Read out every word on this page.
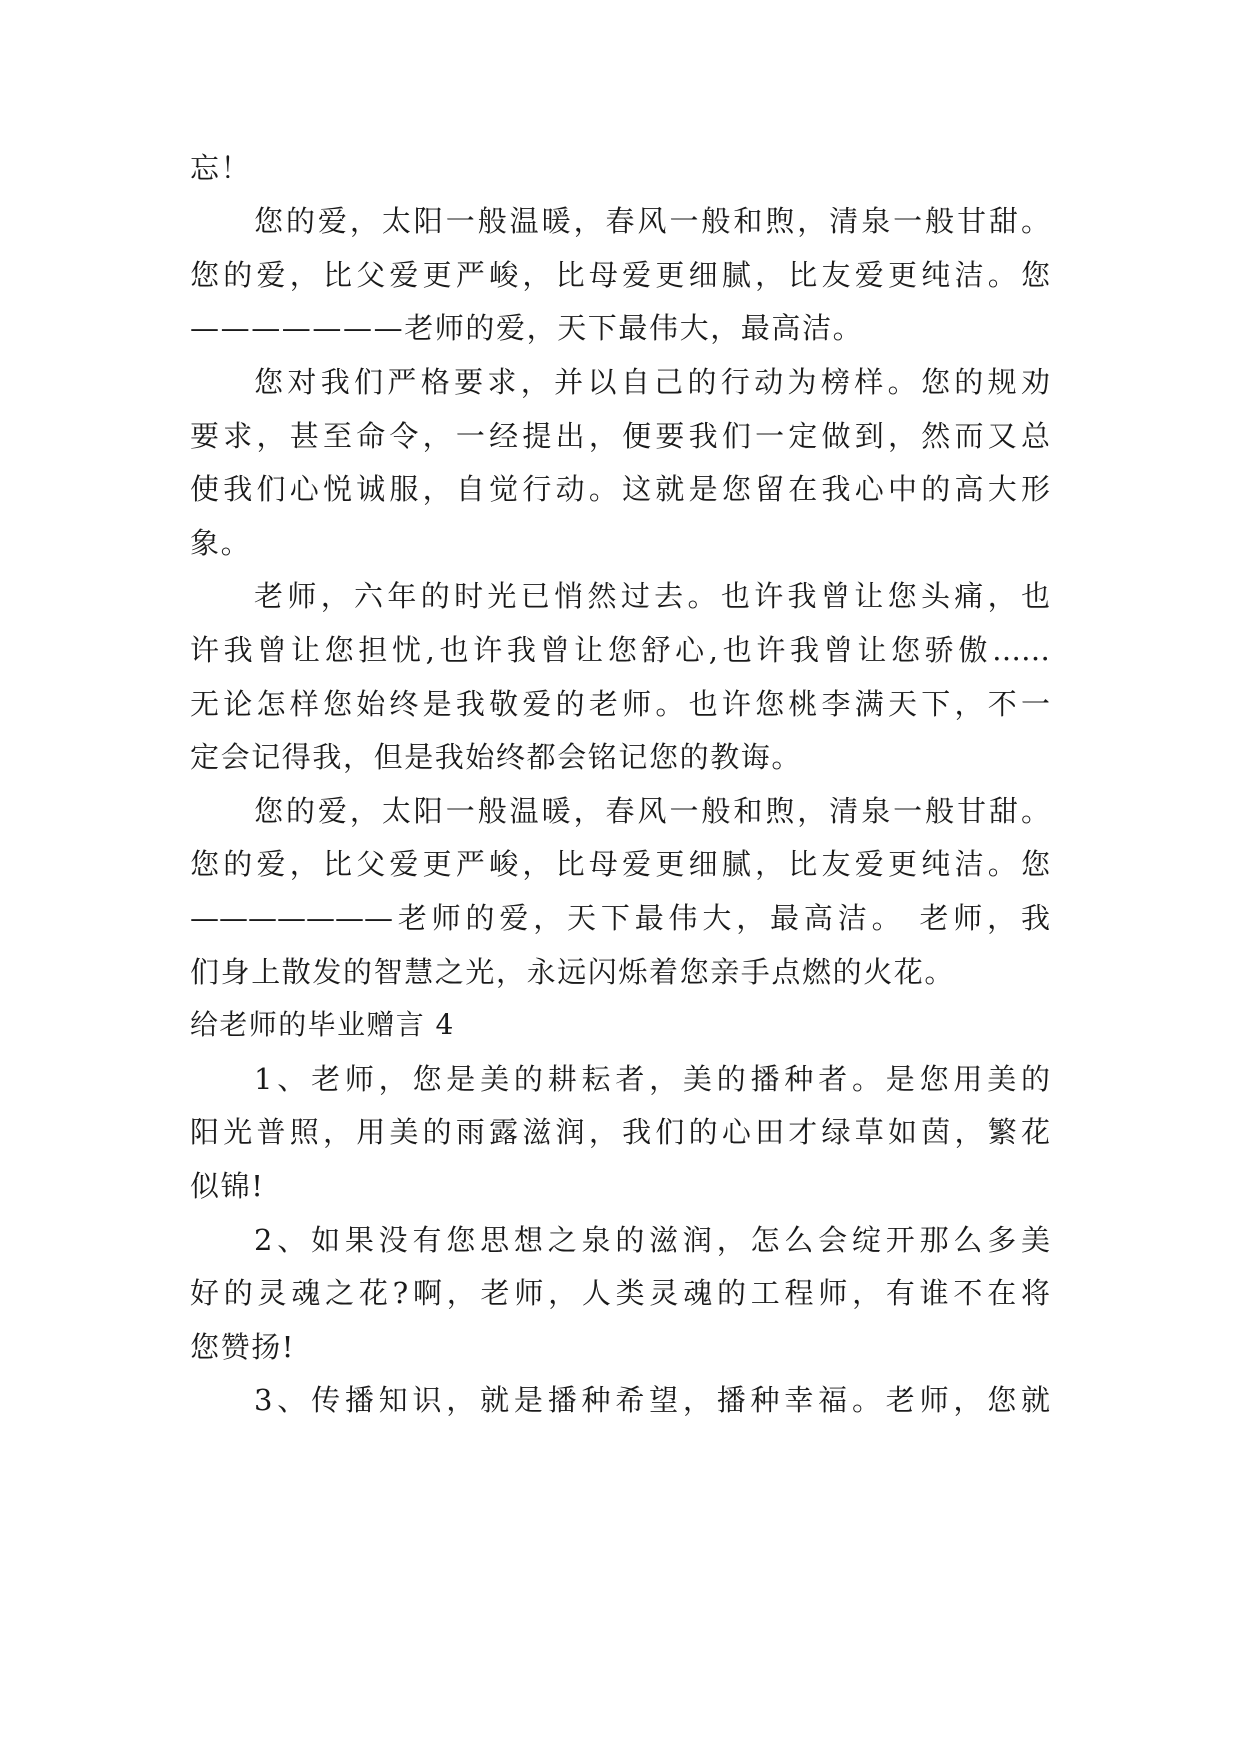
忘！
您的爱，太阳一般温暖，春风一般和煦，清泉一般甘甜。
您的爱，比父爱更严峻，比母爱更细腻，比友爱更纯洁。您
———————老师的爱，天下最伟大，最高洁。
您对我们严格要求，并以自己的行动为榜样。您的规劝
要求，甚至命令，一经提出，便要我们一定做到，然而又总
使我们心悦诚服，自觉行动。这就是您留在我心中的高大形
象。
老师，六年的时光已悄然过去。也许我曾让您头痛，也
许我曾让您担忧,也许我曾让您舒心,也许我曾让您骄傲……
无论怎样您始终是我敬爱的老师。也许您桃李满天下，不一
定会记得我，但是我始终都会铭记您的教诲。
您的爱，太阳一般温暖，春风一般和煦，清泉一般甘甜。
您的爱，比父爱更严峻，比母爱更细腻，比友爱更纯洁。您
———————老师的爱，天下最伟大，最高洁。 老师，我
们身上散发的智慧之光，永远闪烁着您亲手点燃的火花。
给老师的毕业赠言 4
1、老师，您是美的耕耘者，美的播种者。是您用美的
阳光普照，用美的雨露滋润，我们的心田才绿草如茵，繁花
似锦!
2、如果没有您思想之泉的滋润，怎么会绽开那么多美
好的灵魂之花?啊，老师，人类灵魂的工程师，有谁不在将
您赞扬!
3、传播知识，就是播种希望，播种幸福。老师，您就
